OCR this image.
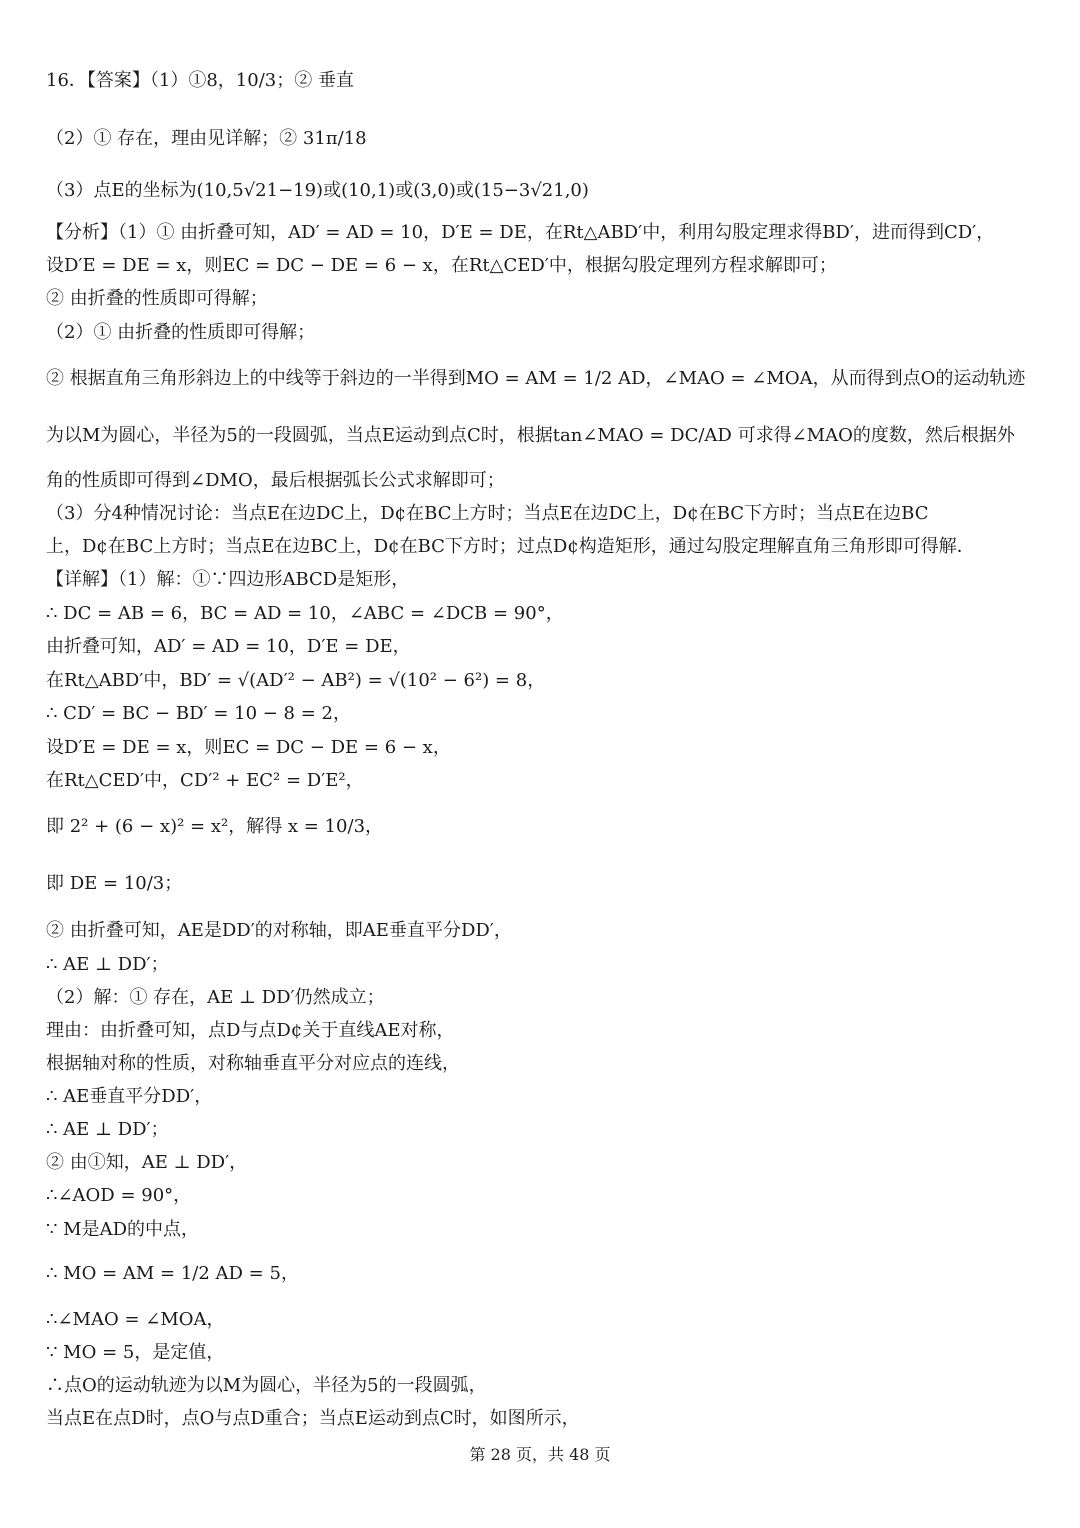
16．【答案】（1）①8，10/3；② 垂直
（2）① 存在，理由见详解；② 31π/18
（3）点E的坐标为(10,5√21−19)或(10,1)或(3,0)或(15−3√21,0)
【分析】（1）① 由折叠可知，AD′ = AD = 10，D′E = DE，在Rt△ABD′中，利用勾股定理求得BD′，进而得到CD′，
设D′E = DE = x，则EC = DC − DE = 6 − x，在Rt△CED′中，根据勾股定理列方程求解即可；
② 由折叠的性质即可得解；
（2）① 由折叠的性质即可得解；
② 根据直角三角形斜边上的中线等于斜边的一半得到MO = AM = 1/2 AD，∠MAO = ∠MOA，从而得到点O的运动轨迹
为以M为圆心，半径为5的一段圆弧，当点E运动到点C时，根据tan∠MAO = DC/AD 可求得∠MAO的度数，然后根据外
角的性质即可得到∠DMO，最后根据弧长公式求解即可；
（3）分4种情况讨论：当点E在边DC上，D¢在BC上方时；当点E在边DC上，D¢在BC下方时；当点E在边BC
上，D¢在BC上方时；当点E在边BC上，D¢在BC下方时；过点D¢构造矩形，通过勾股定理解直角三角形即可得解．
【详解】（1）解：①∵四边形ABCD是矩形，
∴ DC = AB = 6，BC = AD = 10，∠ABC = ∠DCB = 90°，
由折叠可知，AD′ = AD = 10，D′E = DE，
在Rt△ABD′中，BD′ = √(AD′² − AB²) = √(10² − 6²) = 8，
∴ CD′ = BC − BD′ = 10 − 8 = 2，
设D′E = DE = x，则EC = DC − DE = 6 − x，
在Rt△CED′中，CD′² + EC² = D′E²，
即 2² + (6 − x)² = x²，解得 x = 10/3，
即 DE = 10/3；
② 由折叠可知，AE是DD′的对称轴，即AE垂直平分DD′，
∴ AE ⊥ DD′；
（2）解：① 存在，AE ⊥ DD′仍然成立；
理由：由折叠可知，点D与点D¢关于直线AE对称，
根据轴对称的性质，对称轴垂直平分对应点的连线，
∴ AE垂直平分DD′，
∴ AE ⊥ DD′；
② 由①知，AE ⊥ DD′，
∴∠AOD = 90°，
∵ M是AD的中点，
∴ MO = AM = 1/2 AD = 5，
∴∠MAO = ∠MOA，
∵ MO = 5，是定值，
∴点O的运动轨迹为以M为圆心，半径为5的一段圆弧，
当点E在点D时，点O与点D重合；当点E运动到点C时，如图所示，
第 28 页，共 48 页
